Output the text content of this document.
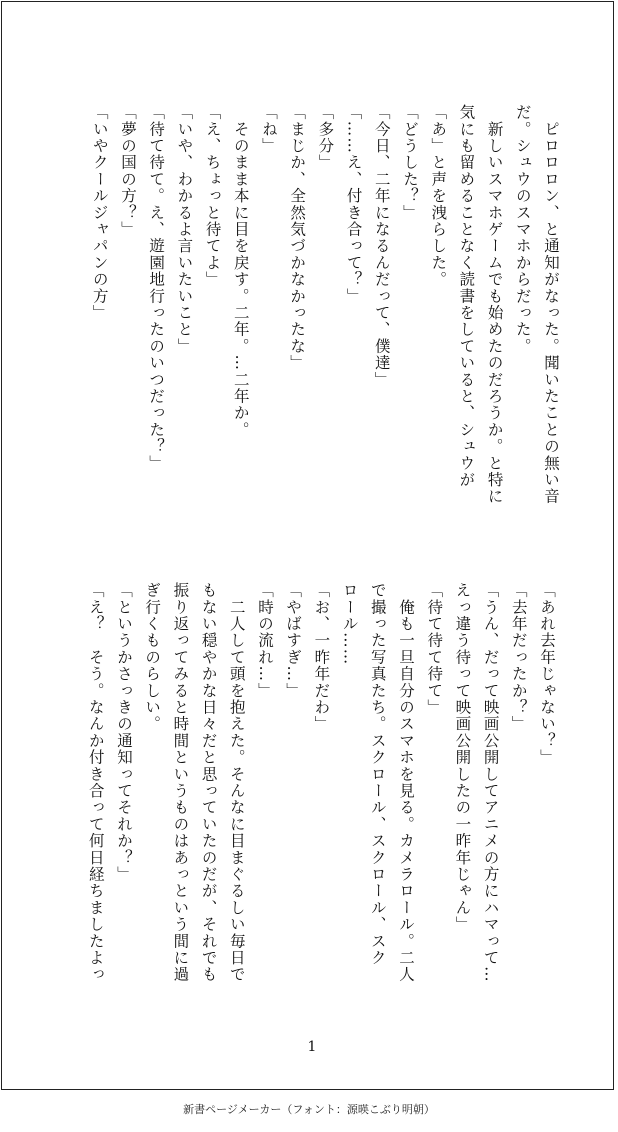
　ピロロロン、と通知がなった。聞いたことの無い音
だ。シュウのスマホからだった。
　新しいスマホゲームでも始めたのだろうか。と特に
気にも留めることなく読書をしていると、シュウが
「あ」と声を洩らした。
「どうした？」
「今日、二年になるんだって、僕達」
「……え、付き合って？」
「多分」
「まじか、全然気づかなかったな」
「ね」
　そのまま本に目を戻す。二年。…二年か。
「え、ちょっと待てよ」
「いや、わかるよ言いたいこと」
「待て待て。え、遊園地行ったのいつだった？」
「夢の国の方？」
「いやクールジャパンの方」
「あれ去年じゃない？」
「去年だったか？」
「うん、だって映画公開してアニメの方にハマって…
えっ違う待って映画公開したの一昨年じゃん」
「待て待て待て」
　俺も一旦自分のスマホを見る。カメラロール。二人
で撮った写真たち。スクロール、スクロール、スク
ロール……
「お、一昨年だわ」
「やばすぎ…」
「時の流れ…」
　二人して頭を抱えた。そんなに目まぐるしい毎日で
もない穏やかな日々だと思っていたのだが、それでも
振り返ってみると時間というものはあっという間に過
ぎ行くものらしい。
「というかさっきの通知ってそれか？」
「え？　そう。なんか付き合って何日経ちましたよっ
1
新書ページメーカー（フォント：源暎こぶり明朝）
